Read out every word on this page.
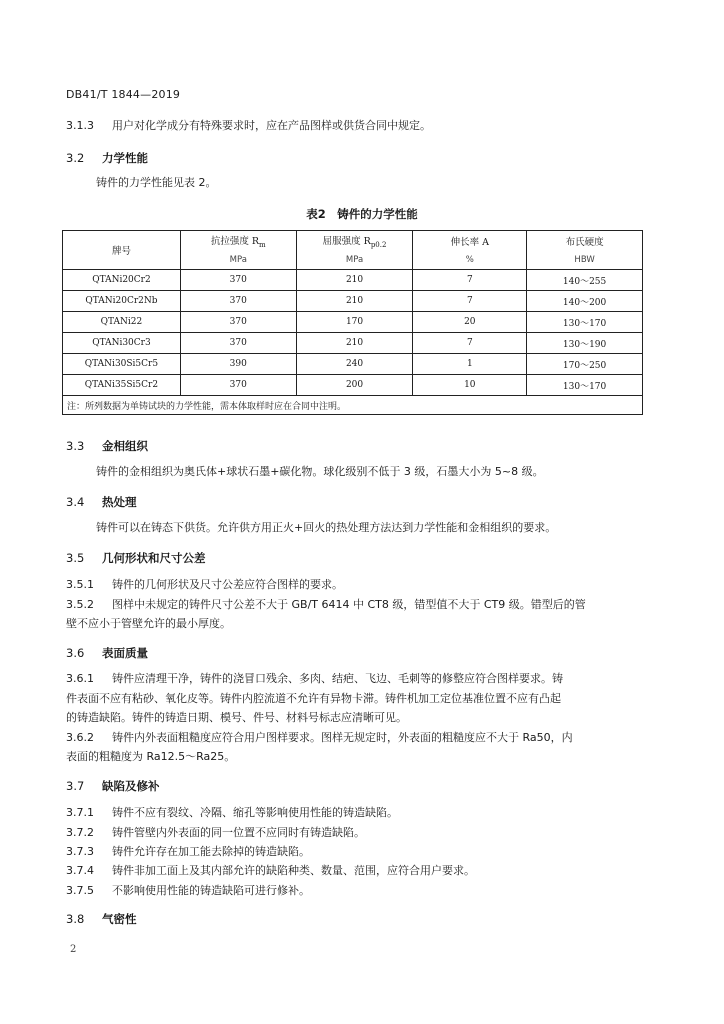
DB41/T 1844—2019
3.1.3 用户对化学成分有特殊要求时，应在产品图样或供货合同中规定。
3.2 力学性能
铸件的力学性能见表 2。
表2　铸件的力学性能
牌号	抗拉强度 $R_m$	屈服强度 $R_{p0.2}$	伸长率 A	布氏硬度
	MPa	MPa	%	HBW
QTANi20Cr2	370	210	7	140～255
QTANi20Cr2Nb	370	210	7	140～200
QTANi22	370	170	20	130～170
QTANi30Cr3	370	210	7	130～190
QTANi30Si5Cr5	390	240	1	170～250
QTANi35Si5Cr2	370	200	10	130～170
注：所列数据为单铸试块的力学性能，需本体取样时应在合同中注明。				
3.3 金相组织
铸件的金相组织为奥氏体+球状石墨+碳化物。球化级别不低于 3 级，石墨大小为 5~8 级。
3.4 热处理
铸件可以在铸态下供货。允许供方用正火+回火的热处理方法达到力学性能和金相组织的要求。
3.5 几何形状和尺寸公差
3.5.1 铸件的几何形状及尺寸公差应符合图样的要求。
3.5.2 图样中未规定的铸件尺寸公差不大于 GB/T 6414 中 CT8 级，错型值不大于 CT9 级。错型后的管
壁不应小于管壁允许的最小厚度。
3.6 表面质量
3.6.1 铸件应清理干净，铸件的浇冒口残余、多肉、结疤、飞边、毛刺等的修整应符合图样要求。铸
件表面不应有粘砂、氧化皮等。铸件内腔流道不允许有异物卡滞。铸件机加工定位基准位置不应有凸起
的铸造缺陷。铸件的铸造日期、模号、件号、材料号标志应清晰可见。
3.6.2 铸件内外表面粗糙度应符合用户图样要求。图样无规定时，外表面的粗糙度应不大于 Ra50，内
表面的粗糙度为 Ra12.5～Ra25。
3.7 缺陷及修补
3.7.1 铸件不应有裂纹、冷隔、缩孔等影响使用性能的铸造缺陷。
3.7.2 铸件管壁内外表面的同一位置不应同时有铸造缺陷。
3.7.3 铸件允许存在加工能去除掉的铸造缺陷。
3.7.4 铸件非加工面上及其内部允许的缺陷种类、数量、范围，应符合用户要求。
3.7.5 不影响使用性能的铸造缺陷可进行修补。
3.8 气密性
2
